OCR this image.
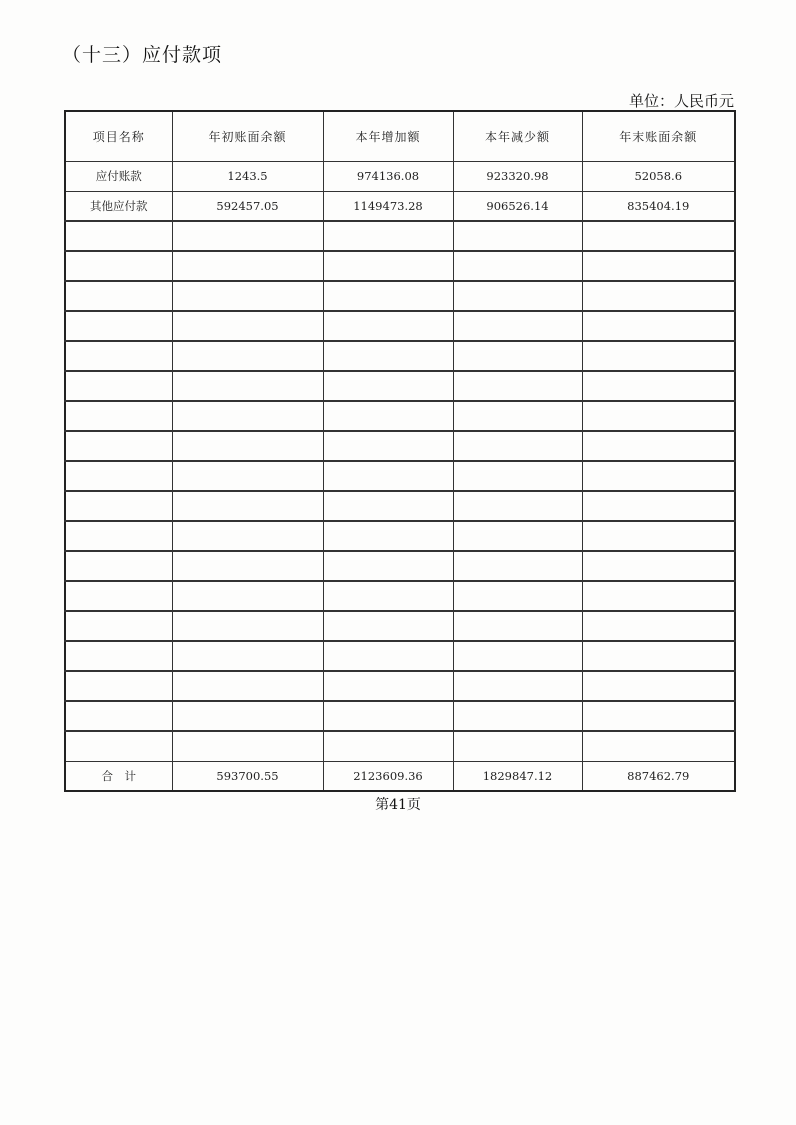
（十三）应付款项
单位：人民币元
项目名称	年初账面余额	本年增加额	本年减少额	年末账面余额
应付账款	1243.5	974136.08	923320.98	52058.6
其他应付款	592457.05	1149473.28	906526.14	835404.19

合　计	593700.55	2123609.36	1829847.12	887462.79
第41页
